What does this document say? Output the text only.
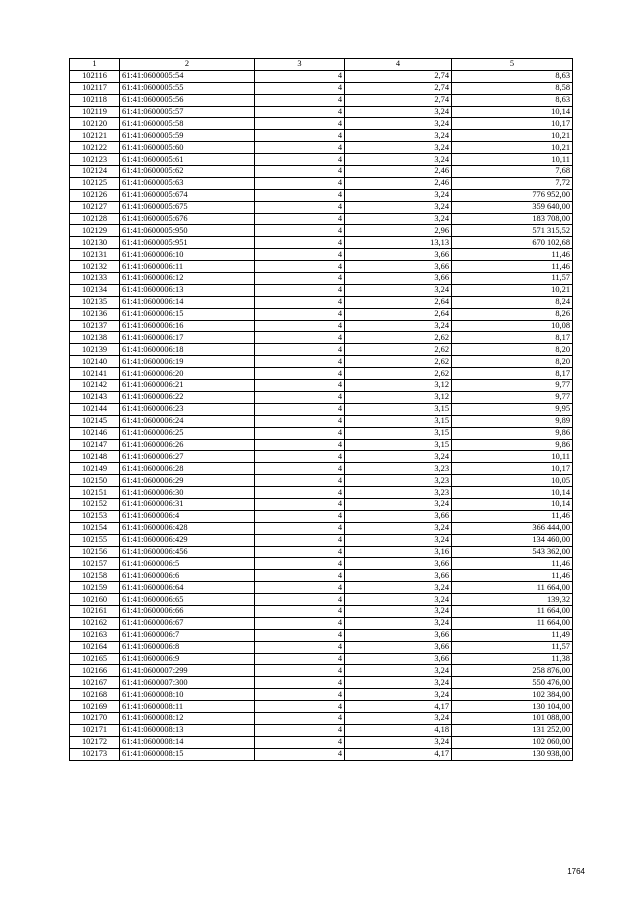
1	2	3	4	5
102116	61:41:0600005:54	4	2,74	8,63
102117	61:41:0600005:55	4	2,74	8,58
102118	61:41:0600005:56	4	2,74	8,63
102119	61:41:0600005:57	4	3,24	10,14
102120	61:41:0600005:58	4	3,24	10,17
102121	61:41:0600005:59	4	3,24	10,21
102122	61:41:0600005:60	4	3,24	10,21
102123	61:41:0600005:61	4	3,24	10,11
102124	61:41:0600005:62	4	2,46	7,68
102125	61:41:0600005:63	4	2,46	7,72
102126	61:41:0600005:674	4	3,24	776 952,00
102127	61:41:0600005:675	4	3,24	359 640,00
102128	61:41:0600005:676	4	3,24	183 708,00
102129	61:41:0600005:950	4	2,96	571 315,52
102130	61:41:0600005:951	4	13,13	670 102,68
102131	61:41:0600006:10	4	3,66	11,46
102132	61:41:0600006:11	4	3,66	11,46
102133	61:41:0600006:12	4	3,66	11,57
102134	61:41:0600006:13	4	3,24	10,21
102135	61:41:0600006:14	4	2,64	8,24
102136	61:41:0600006:15	4	2,64	8,26
102137	61:41:0600006:16	4	3,24	10,08
102138	61:41:0600006:17	4	2,62	8,17
102139	61:41:0600006:18	4	2,62	8,20
102140	61:41:0600006:19	4	2,62	8,20
102141	61:41:0600006:20	4	2,62	8,17
102142	61:41:0600006:21	4	3,12	9,77
102143	61:41:0600006:22	4	3,12	9,77
102144	61:41:0600006:23	4	3,15	9,95
102145	61:41:0600006:24	4	3,15	9,89
102146	61:41:0600006:25	4	3,15	9,86
102147	61:41:0600006:26	4	3,15	9,86
102148	61:41:0600006:27	4	3,24	10,11
102149	61:41:0600006:28	4	3,23	10,17
102150	61:41:0600006:29	4	3,23	10,05
102151	61:41:0600006:30	4	3,23	10,14
102152	61:41:0600006:31	4	3,24	10,14
102153	61:41:0600006:4	4	3,66	11,46
102154	61:41:0600006:428	4	3,24	366 444,00
102155	61:41:0600006:429	4	3,24	134 460,00
102156	61:41:0600006:456	4	3,16	543 362,00
102157	61:41:0600006:5	4	3,66	11,46
102158	61:41:0600006:6	4	3,66	11,46
102159	61:41:0600006:64	4	3,24	11 664,00
102160	61:41:0600006:65	4	3,24	139,32
102161	61:41:0600006:66	4	3,24	11 664,00
102162	61:41:0600006:67	4	3,24	11 664,00
102163	61:41:0600006:7	4	3,66	11,49
102164	61:41:0600006:8	4	3,66	11,57
102165	61:41:0600006:9	4	3,66	11,38
102166	61:41:0600007:299	4	3,24	258 876,00
102167	61:41:0600007:300	4	3,24	550 476,00
102168	61:41:0600008:10	4	3,24	102 384,00
102169	61:41:0600008:11	4	4,17	130 104,00
102170	61:41:0600008:12	4	3,24	101 088,00
102171	61:41:0600008:13	4	4,18	131 252,00
102172	61:41:0600008:14	4	3,24	102 060,00
102173	61:41:0600008:15	4	4,17	130 938,00
1764
